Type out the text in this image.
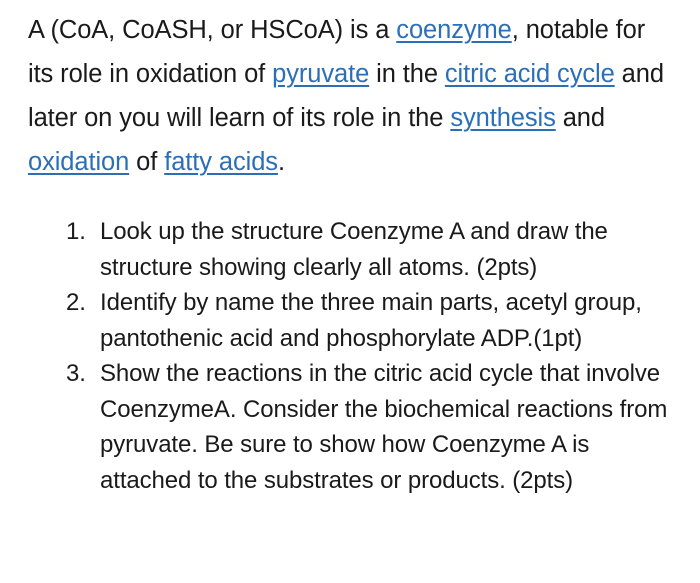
A (CoA, CoASH, or HSCoA) is a coenzyme, notable for its role in oxidation of pyruvate in the citric acid cycle and later on you will learn of its role in the synthesis and oxidation of fatty acids.

1. Look up the structure Coenzyme A and draw the structure showing clearly all atoms. (2pts)
2. Identify by name the three main parts, acetyl group, pantothenic acid and phosphorylate ADP.(1pt)
3. Show the reactions in the citric acid cycle that involve CoenzymeA. Consider the biochemical reactions from pyruvate. Be sure to show how Coenzyme A is attached to the substrates or products. (2pts)
